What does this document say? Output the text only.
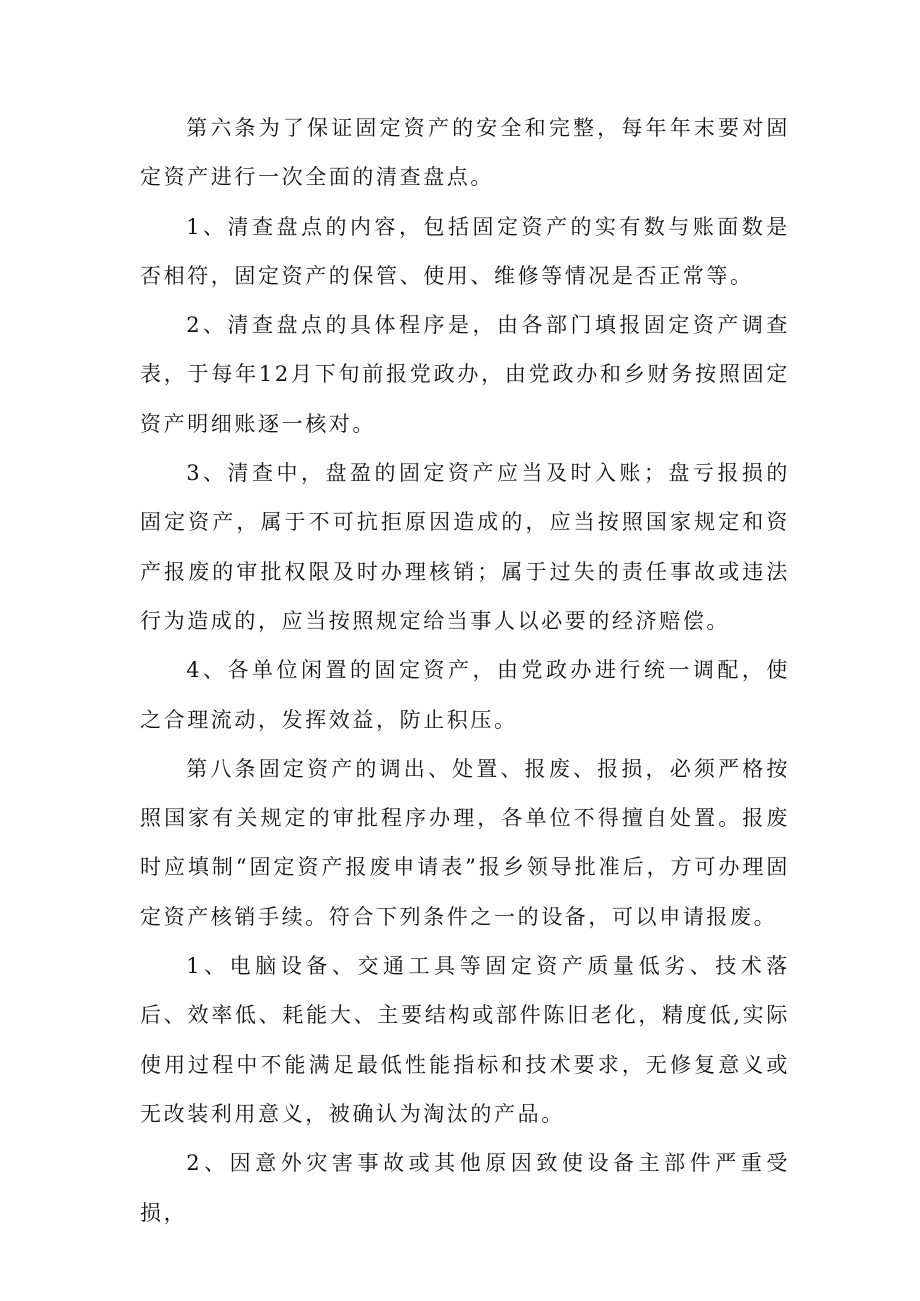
第六条为了保证固定资产的安全和完整，每年年末要对固定资产进行一次全面的清查盘点。

1、清查盘点的内容，包括固定资产的实有数与账面数是否相符，固定资产的保管、使用、维修等情况是否正常等。

2、清查盘点的具体程序是，由各部门填报固定资产调查表，于每年12月下旬前报党政办，由党政办和乡财务按照固定资产明细账逐一核对。

3、清查中，盘盈的固定资产应当及时入账；盘亏报损的固定资产，属于不可抗拒原因造成的，应当按照国家规定和资产报废的审批权限及时办理核销；属于过失的责任事故或违法行为造成的，应当按照规定给当事人以必要的经济赔偿。

4、各单位闲置的固定资产，由党政办进行统一调配，使之合理流动，发挥效益，防止积压。

第八条固定资产的调出、处置、报废、报损，必须严格按照国家有关规定的审批程序办理，各单位不得擅自处置。报废时应填制“固定资产报废申请表”报乡领导批准后，方可办理固定资产核销手续。符合下列条件之一的设备，可以申请报废。

1、电脑设备、交通工具等固定资产质量低劣、技术落后、效率低、耗能大、主要结构或部件陈旧老化，精度低,实际使用过程中不能满足最低性能指标和技术要求，无修复意义或无改装利用意义，被确认为淘汰的产品。

2、因意外灾害事故或其他原因致使设备主部件严重受损，
